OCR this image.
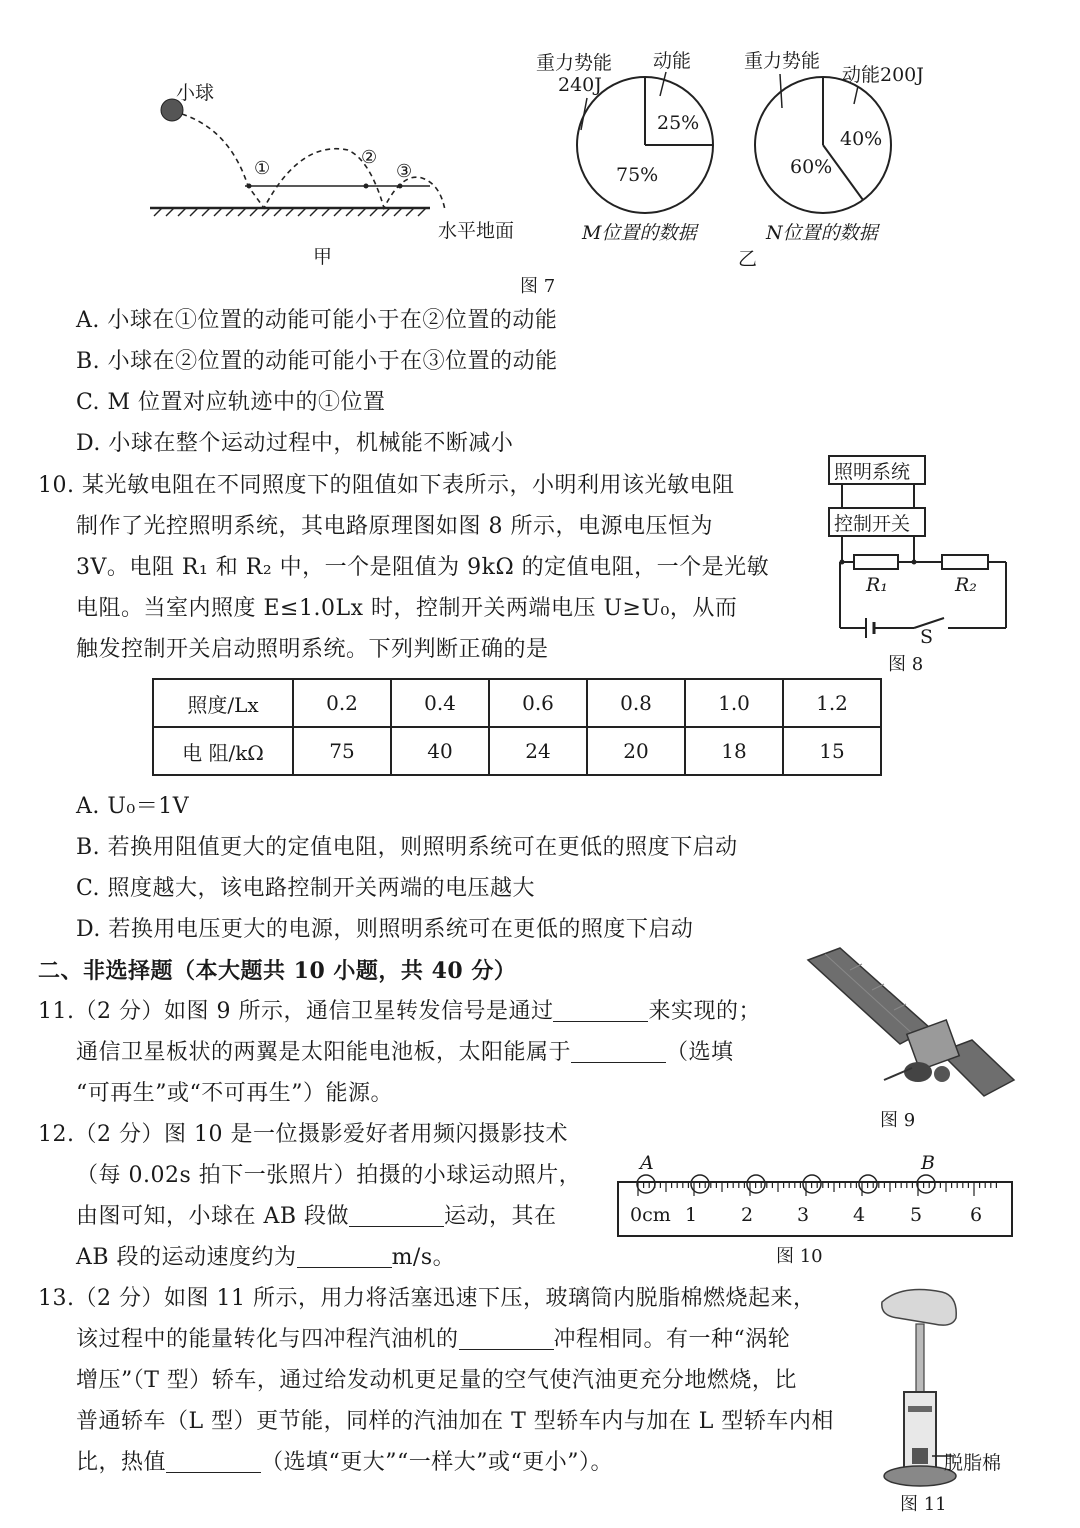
小球
①
②
③
水平地面
甲
重力势能
240J
动能
25%
75%
M位置的数据
重力势能
动能200J
40%
60%
N位置的数据
乙
图 7
A. 小球在①位置的动能可能小于在②位置的动能
B. 小球在②位置的动能可能小于在③位置的动能
C. M 位置对应轨迹中的①位置
D. 小球在整个运动过程中，机械能不断减小
10. 某光敏电阻在不同照度下的阻值如下表所示，小明利用该光敏电阻
制作了光控照明系统，其电路原理图如图 8 所示，电源电压恒为
3V。电阻 R₁ 和 R₂ 中，一个是阻值为 9kΩ 的定值电阻，一个是光敏
电阻。当室内照度 E≤1.0Lx 时，控制开关两端电压 U≥U₀，从而
触发控制开关启动照明系统。下列判断正确的是
照明系统
控制开关
R₁	R₂
S
图 8
照度/Lx	0.2	0.4	0.6	0.8	1.0	1.2
电 阻/kΩ	75	40	24	20	18	15
A. U₀＝1V
B. 若换用阻值更大的定值电阻，则照明系统可在更低的照度下启动
C. 照度越大，该电路控制开关两端的电压越大
D. 若换用电压更大的电源，则照明系统可在更低的照度下启动
二、非选择题（本大题共 10 小题，共 40 分）
11.（2 分）如图 9 所示，通信卫星转发信号是通过	来实现的；
通信卫星板状的两翼是太阳能电池板，太阳能属于	（选填
“可再生”或“不可再生”）能源。
图 9
12.（2 分）图 10 是一位摄影爱好者用频闪摄影技术
（每 0.02s 拍下一张照片）拍摄的小球运动照片，
由图可知，小球在 AB 段做	运动，其在
AB 段的运动速度约为	m/s。
A	B
0cm 1 2 3 4 5	6
图 10
13.（2 分）如图 11 所示，用力将活塞迅速下压，玻璃筒内脱脂棉燃烧起来，
该过程中的能量转化与四冲程汽油机的	冲程相同。有一种“涡轮
增压”（T 型）轿车，通过给发动机更足量的空气使汽油更充分地燃烧，比
普通轿车（L 型）更节能，同样的汽油加在 T 型轿车内与加在 L 型轿车内相
比，热值	（选填“更大”“一样大”或“更小”）。	脱脂棉
图 11
